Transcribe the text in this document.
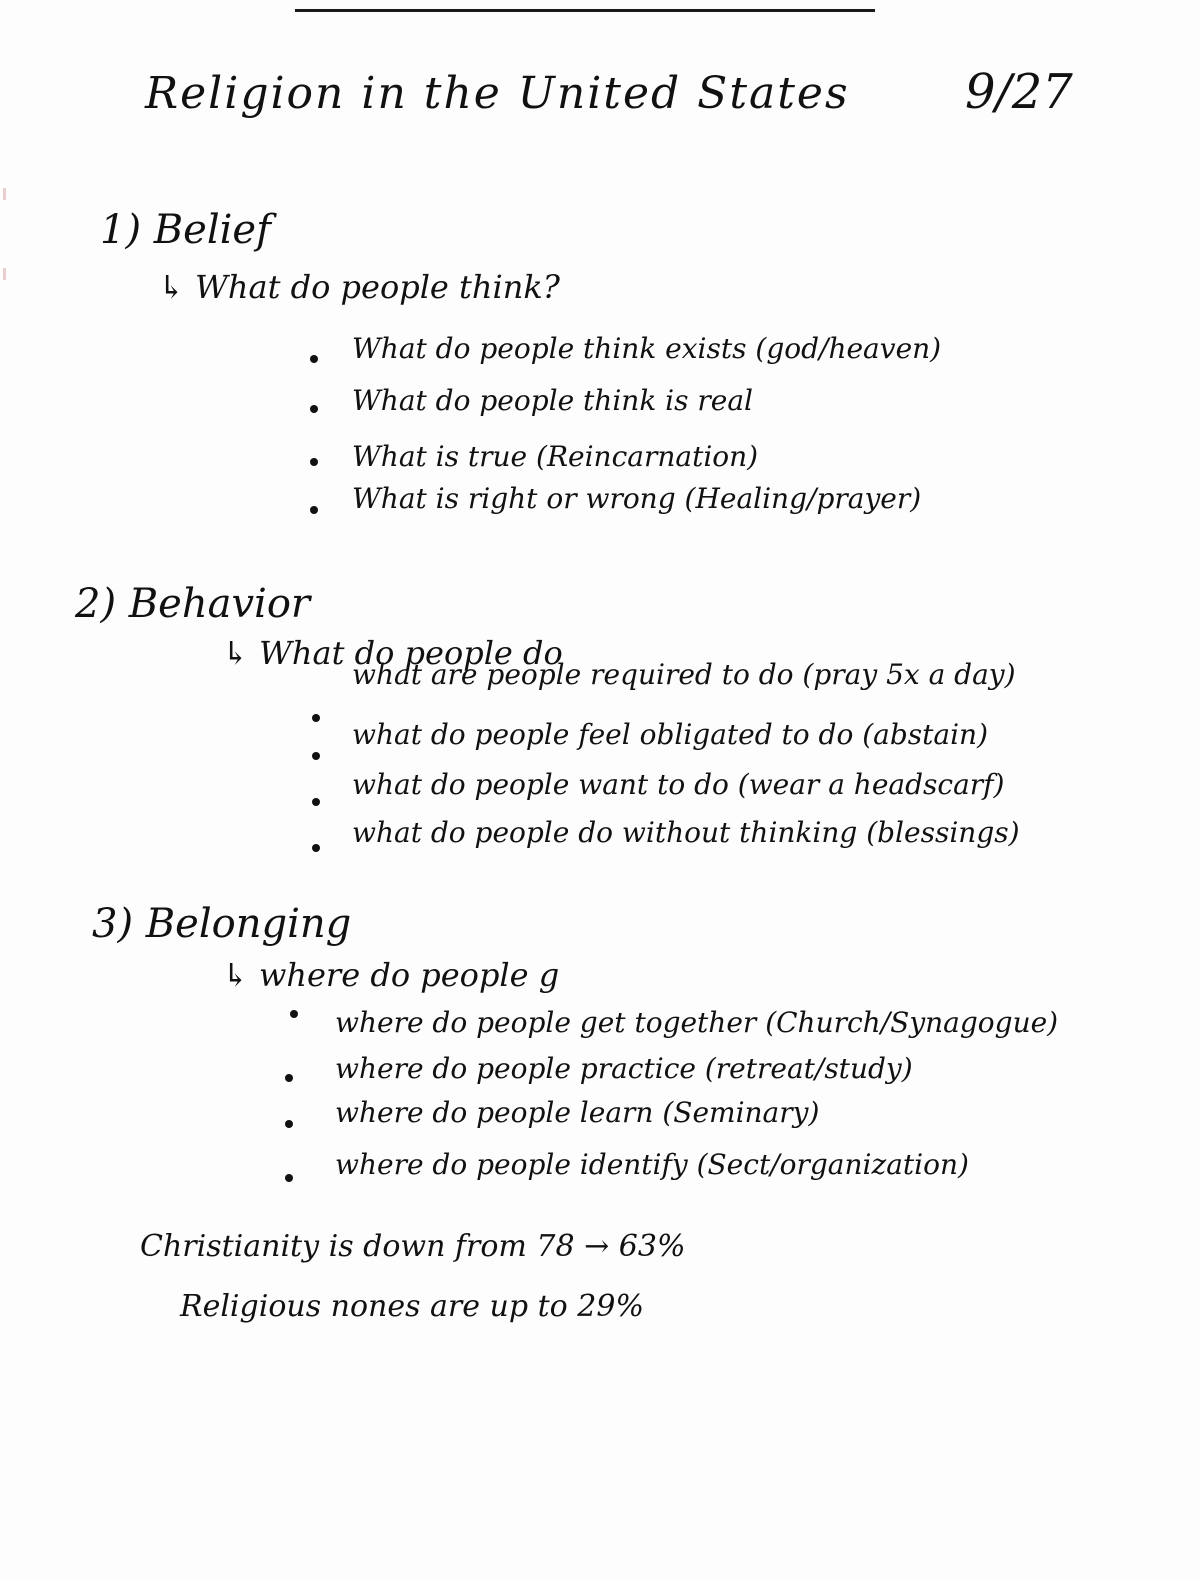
Religion in the United States 9/27
1) Belief
↳ What do people think?
What do people think exists (god/heaven)
What do people think is real
What is true (Reincarnation)
What is right or wrong (Healing/prayer)
2) Behavior
↳ What do people do
what are people required to do (pray 5x a day)
what do people feel obligated to do (abstain)
what do people want to do (wear a headscarf)
what do people do without thinking (blessings)
3) Belonging
↳ where do people g
where do people get together (Church/Synagogue)
where do people practice (retreat/study)
where do people learn (Seminary)
where do people identify (Sect/organization)
Christianity is down from 78 → 63%
Religious nones are up to 29%
